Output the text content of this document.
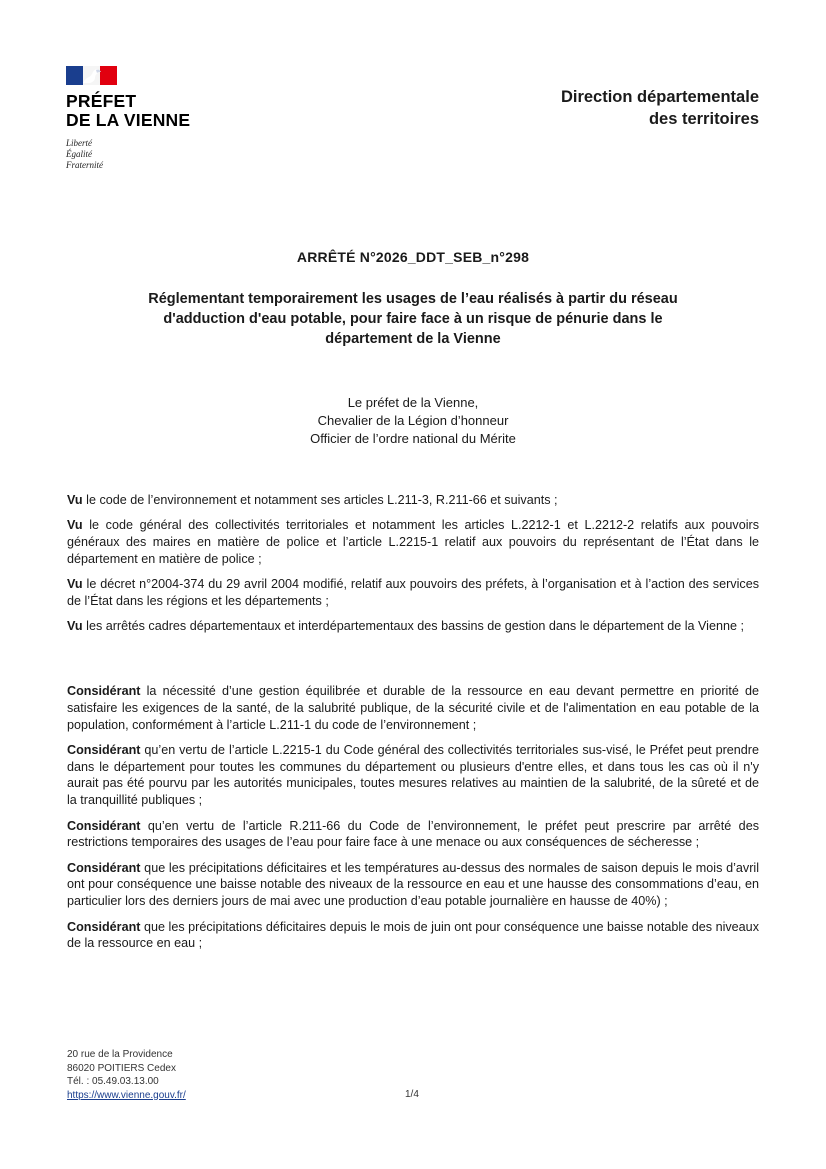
PRÉFET
DE LA VIENNE
Liberté
Égalité
Fraternité
Direction départementale
des territoires
ARRÊTÉ N°2026_DDT_SEB_n°298
Réglementant temporairement les usages de l’eau réalisés à partir du réseau
d'adduction d'eau potable, pour faire face à un risque de pénurie dans le
département de la Vienne
Le préfet de la Vienne,
Chevalier de la Légion d’honneur
Officier de l’ordre national du Mérite

Vu le code de l’environnement et notamment ses articles L.211-3, R.211-66 et suivants ;

Vu le code général des collectivités territoriales et notamment les articles L.2212-1 et L.2212-2 relatifs aux pouvoirs généraux des maires en matière de police et l’article L.2215-1 relatif aux pouvoirs du représentant de l’État dans le département en matière de police ;

Vu le décret n°2004-374 du 29 avril 2004 modifié, relatif aux pouvoirs des préfets, à l’organisation et à l’action des services de l’État dans les régions et les départements ;

Vu les arrêtés cadres départementaux et interdépartementaux des bassins de gestion dans le département de la Vienne ;

Considérant la nécessité d’une gestion équilibrée et durable de la ressource en eau devant permettre en priorité de satisfaire les exigences de la santé, de la salubrité publique, de la sécurité civile et de l'alimentation en eau potable de la population, conformément à l’article L.211-1 du code de l’environnement ;

Considérant qu’en vertu de l’article L.2215-1 du Code général des collectivités territoriales sus-visé, le Préfet peut prendre dans le département pour toutes les communes du département ou plusieurs d'entre elles, et dans tous les cas où il n'y aurait pas été pourvu par les autorités municipales, toutes mesures relatives au maintien de la salubrité, de la sûreté et de la tranquillité publiques ;

Considérant qu’en vertu de l’article R.211-66 du Code de l’environnement, le préfet peut prescrire par arrêté des restrictions temporaires des usages de l’eau pour faire face à une menace ou aux conséquences de sécheresse ;

Considérant que les précipitations déficitaires et les températures au-dessus des normales de saison depuis le mois d’avril ont pour conséquence une baisse notable des niveaux de la ressource en eau et une hausse des consommations d’eau, en particulier lors des derniers jours de mai avec une production d’eau potable journalière en hausse de 40%) ;

Considérant que les précipitations déficitaires depuis le mois de juin ont pour conséquence une baisse notable des niveaux de la ressource en eau ;

20 rue de la Providence
86020 POITIERS Cedex
Tél. : 05.49.03.13.00
https://www.vienne.gouv.fr/	1/4
